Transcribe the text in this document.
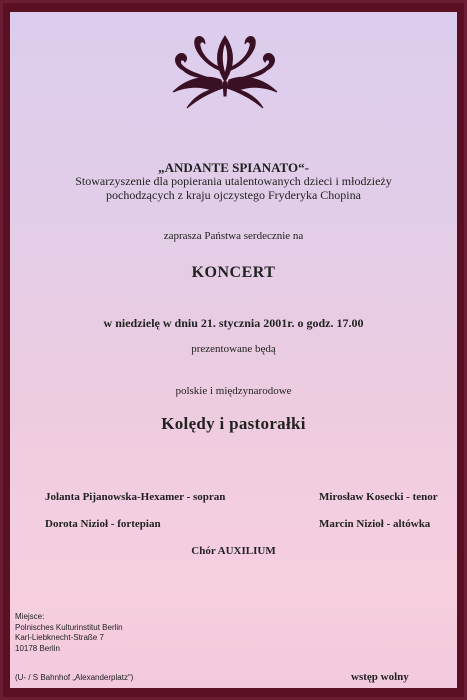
„ANDANTE SPIANATO“-
Stowarzyszenie dla popierania utalentowanych dzieci i młodzieży
pochodzących z kraju ojczystego Fryderyka Chopina
zaprasza Państwa serdecznie na
KONCERT
w niedzielę w dniu 21. stycznia 2001r. o godz. 17.00
prezentowane będą
polskie i międzynarodowe
Kolędy i pastorałki
Jolanta Pijanowska-Hexamer - sopran
Dorota Nizioł - fortepian
Mirosław Kosecki - tenor
Marcin Nizioł - altówka
Chór AUXILIUM
Miejsce:
Polnisches Kulturinstitut Berlin
Karl-Liebknecht-Straße 7
10178 Berlin
(U- / S Bahnhof „Alexanderplatz“)	wstęp wolny
